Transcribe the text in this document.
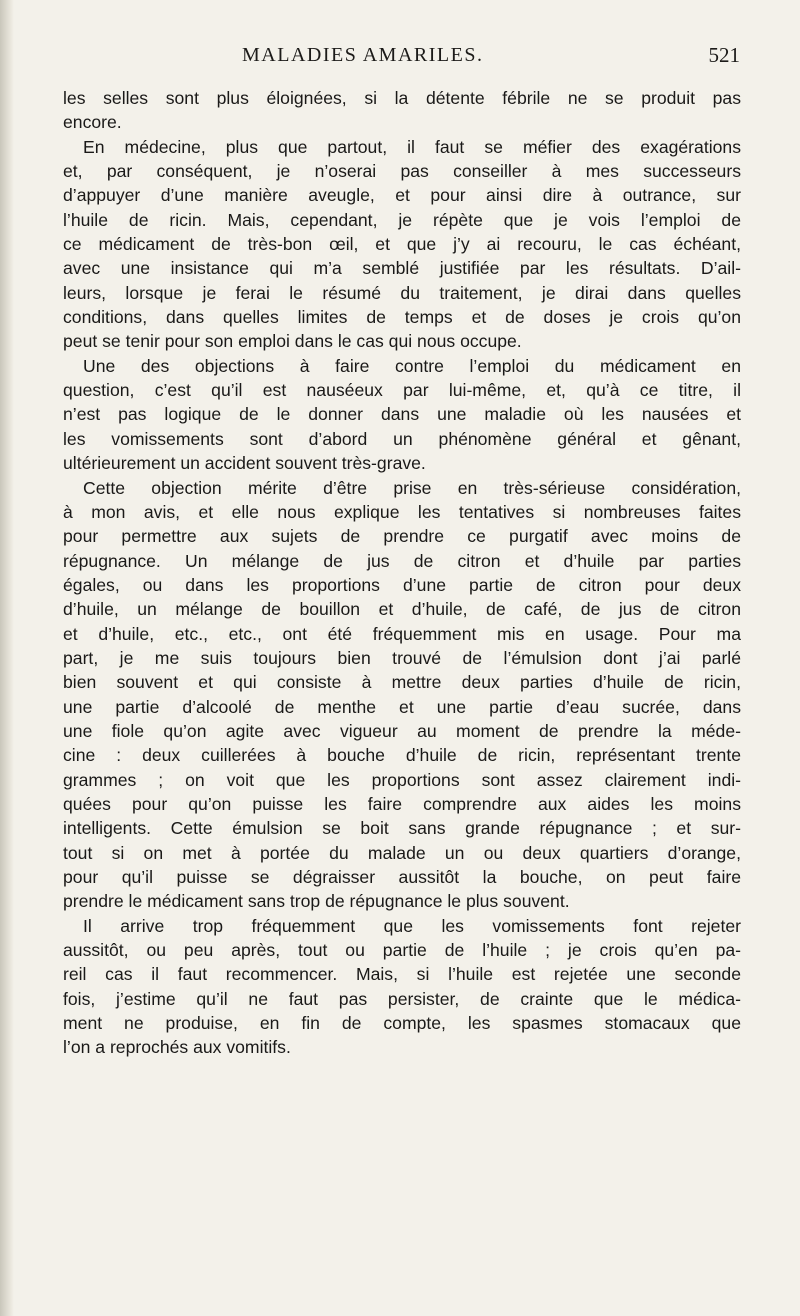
MALADIES AMARILES.	521
les selles sont plus éloignées, si la détente fébrile ne se produit pas
encore.
En médecine, plus que partout, il faut se méfier des exagérations
et, par conséquent, je n’oserai pas conseiller à mes successeurs
d’appuyer d’une manière aveugle, et pour ainsi dire à outrance, sur
l’huile de ricin. Mais, cependant, je répète que je vois l’emploi de
ce médicament de très-bon œil, et que j’y ai recouru, le cas échéant,
avec une insistance qui m’a semblé justifiée par les résultats. D’ail-
leurs, lorsque je ferai le résumé du traitement, je dirai dans quelles
conditions, dans quelles limites de temps et de doses je crois qu’on
peut se tenir pour son emploi dans le cas qui nous occupe.
Une des objections à faire contre l’emploi du médicament en
question, c’est qu’il est nauséeux par lui-même, et, qu’à ce titre, il
n’est pas logique de le donner dans une maladie où les nausées et
les vomissements sont d’abord un phénomène général et gênant,
ultérieurement un accident souvent très-grave.
Cette objection mérite d’être prise en très-sérieuse considération,
à mon avis, et elle nous explique les tentatives si nombreuses faites
pour permettre aux sujets de prendre ce purgatif avec moins de
répugnance. Un mélange de jus de citron et d’huile par parties
égales, ou dans les proportions d’une partie de citron pour deux
d’huile, un mélange de bouillon et d’huile, de café, de jus de citron
et d’huile, etc., etc., ont été fréquemment mis en usage. Pour ma
part, je me suis toujours bien trouvé de l’émulsion dont j’ai parlé
bien souvent et qui consiste à mettre deux parties d’huile de ricin,
une partie d’alcoolé de menthe et une partie d’eau sucrée, dans
une fiole qu’on agite avec vigueur au moment de prendre la méde-
cine : deux cuillerées à bouche d’huile de ricin, représentant trente
grammes ; on voit que les proportions sont assez clairement indi-
quées pour qu’on puisse les faire comprendre aux aides les moins
intelligents. Cette émulsion se boit sans grande répugnance ; et sur-
tout si on met à portée du malade un ou deux quartiers d’orange,
pour qu’il puisse se dégraisser aussitôt la bouche, on peut faire
prendre le médicament sans trop de répugnance le plus souvent.
Il arrive trop fréquemment que les vomissements font rejeter
aussitôt, ou peu après, tout ou partie de l’huile ; je crois qu’en pa-
reil cas il faut recommencer. Mais, si l’huile est rejetée une seconde
fois, j’estime qu’il ne faut pas persister, de crainte que le médica-
ment ne produise, en fin de compte, les spasmes stomacaux que
l’on a reprochés aux vomitifs.
